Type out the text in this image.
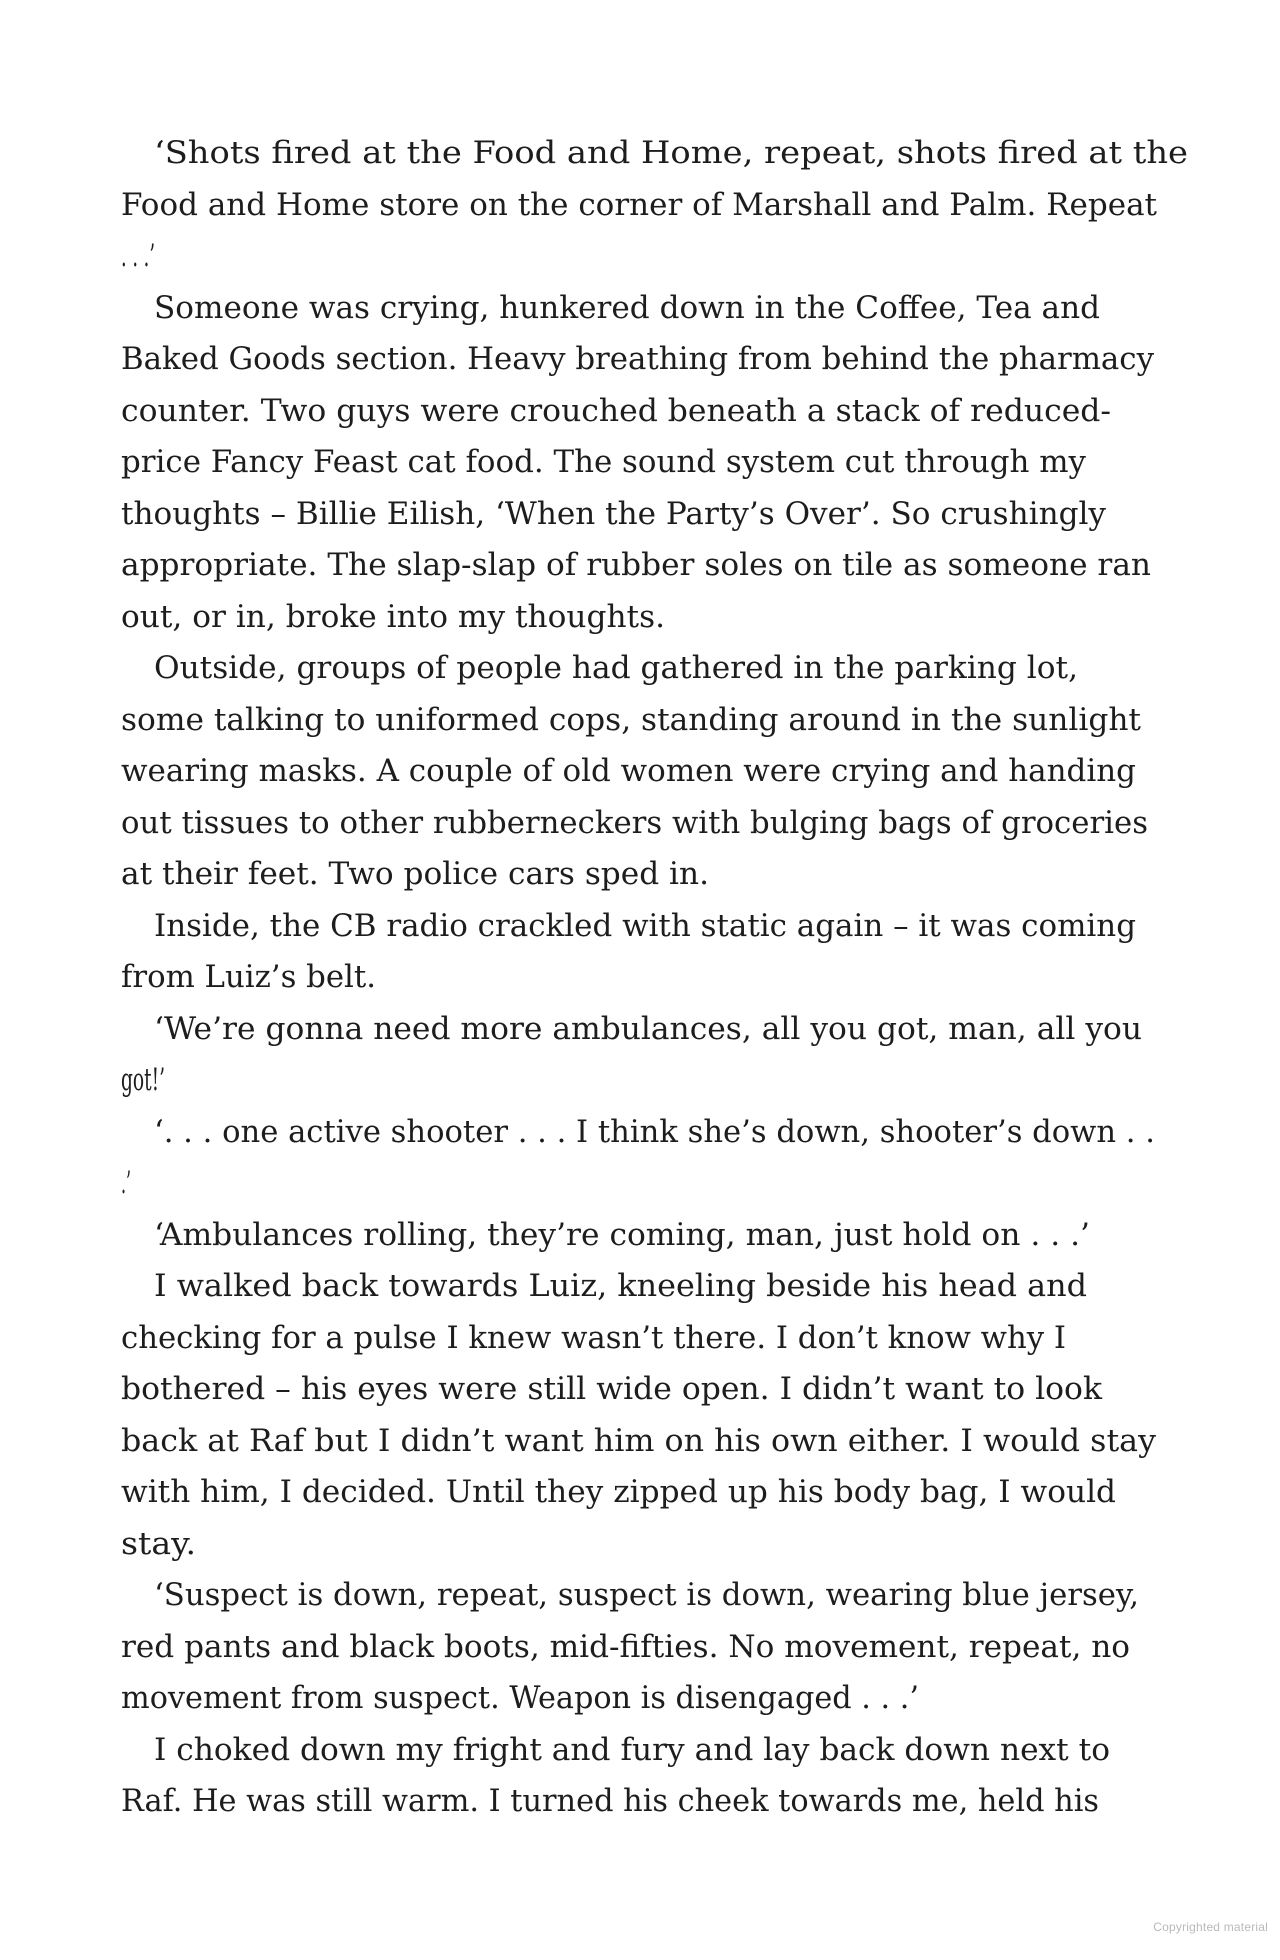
‘Shots fired at the Food and Home, repeat, shots fired at the
Food and Home store on the corner of Marshall and Palm. Repeat
. . .’
Someone was crying, hunkered down in the Coffee, Tea and
Baked Goods section. Heavy breathing from behind the pharmacy
counter. Two guys were crouched beneath a stack of reduced-
price Fancy Feast cat food. The sound system cut through my
thoughts – Billie Eilish, ‘When the Party’s Over’. So crushingly
appropriate. The slap-slap of rubber soles on tile as someone ran
out, or in, broke into my thoughts.
Outside, groups of people had gathered in the parking lot,
some talking to uniformed cops, standing around in the sunlight
wearing masks. A couple of old women were crying and handing
out tissues to other rubberneckers with bulging bags of groceries
at their feet. Two police cars sped in.
Inside, the CB radio crackled with static again – it was coming
from Luiz’s belt.
‘We’re gonna need more ambulances, all you got, man, all you
got!’
‘. . . one active shooter . . . I think she’s down, shooter’s down . .
.’
‘Ambulances rolling, they’re coming, man, just hold on . . .’
I walked back towards Luiz, kneeling beside his head and
checking for a pulse I knew wasn’t there. I don’t know why I
bothered – his eyes were still wide open. I didn’t want to look
back at Raf but I didn’t want him on his own either. I would stay
with him, I decided. Until they zipped up his body bag, I would
stay.
‘Suspect is down, repeat, suspect is down, wearing blue jersey,
red pants and black boots, mid-fifties. No movement, repeat, no
movement from suspect. Weapon is disengaged . . .’
I choked down my fright and fury and lay back down next to
Raf. He was still warm. I turned his cheek towards me, held his
Copyrighted material
